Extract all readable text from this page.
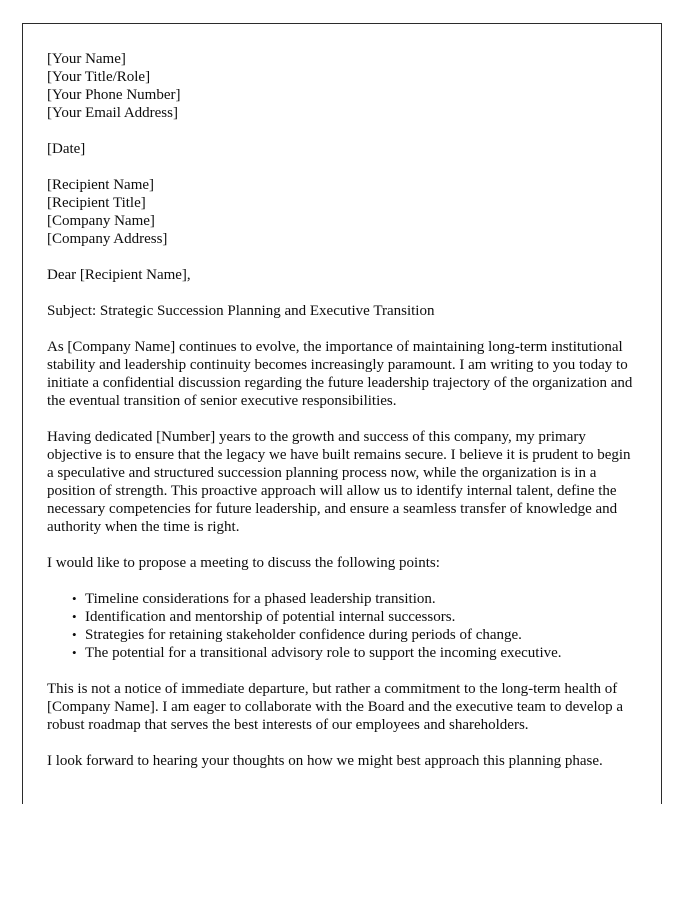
[Your Name]
[Your Title/Role]
[Your Phone Number]
[Your Email Address]
[Date]
[Recipient Name]
[Recipient Title]
[Company Name]
[Company Address]
Dear [Recipient Name],
Subject: Strategic Succession Planning and Executive Transition

As [Company Name] continues to evolve, the importance of maintaining long-term institutional stability and leadership continuity becomes increasingly paramount. I am writing to you today to initiate a confidential discussion regarding the future leadership trajectory of the organization and the eventual transition of senior executive responsibilities.

Having dedicated [Number] years to the growth and success of this company, my primary objective is to ensure that the legacy we have built remains secure. I believe it is prudent to begin a speculative and structured succession planning process now, while the organization is in a position of strength. This proactive approach will allow us to identify internal talent, define the necessary competencies for future leadership, and ensure a seamless transfer of knowledge and authority when the time is right.

I would like to propose a meeting to discuss the following points:

• Timeline considerations for a phased leadership transition.
• Identification and mentorship of potential internal successors.
• Strategies for retaining stakeholder confidence during periods of change.
• The potential for a transitional advisory role to support the incoming executive.

This is not a notice of immediate departure, but rather a commitment to the long-term health of [Company Name]. I am eager to collaborate with the Board and the executive team to develop a robust roadmap that serves the best interests of our employees and shareholders.

I look forward to hearing your thoughts on how we might best approach this planning phase.
